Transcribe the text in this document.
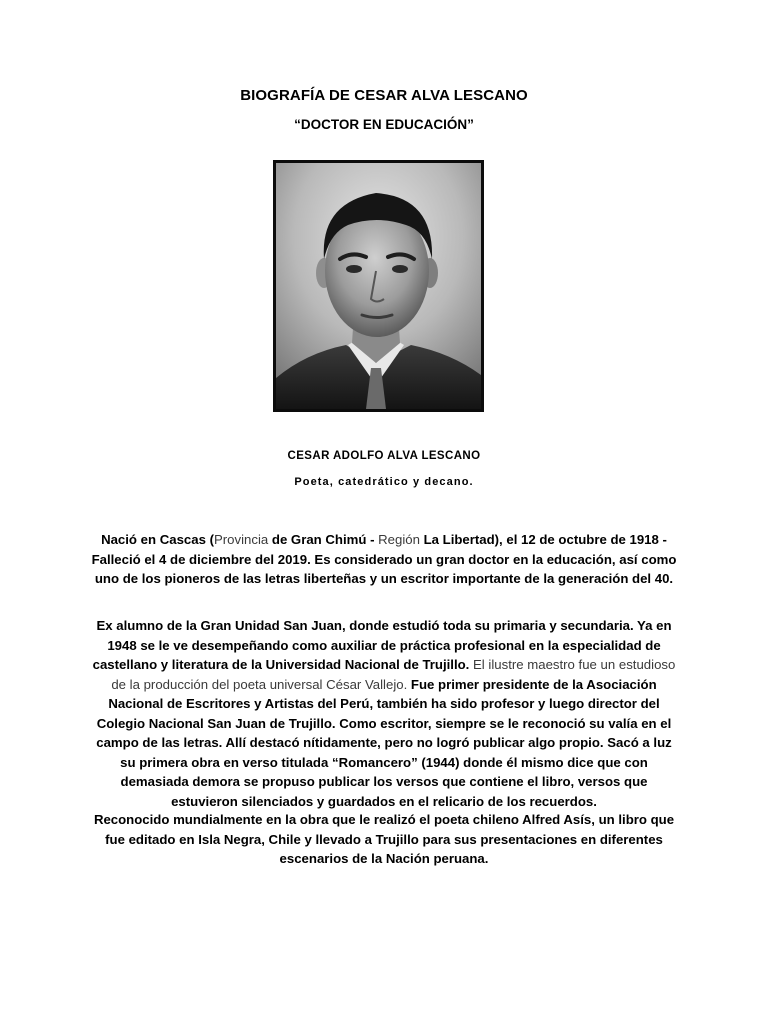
BIOGRAFÍA DE CESAR ALVA LESCANO
“DOCTOR EN EDUCACIÓN”
CESAR ADOLFO ALVA LESCANO
Poeta, catedrático y decano.
Nació en Cascas (Provincia de Gran Chimú - Región La Libertad), el 12 de octubre de 1918 - Falleció el 4 de diciembre del 2019. Es considerado un gran doctor en la educación, así como uno de los pioneros de las letras liberteñas y un escritor importante de la generación del 40.
Ex alumno de la Gran Unidad San Juan, donde estudió toda su primaria y secundaria. Ya en 1948 se le ve desempeñando como auxiliar de práctica profesional en la especialidad de castellano y literatura de la Universidad Nacional de Trujillo. El ilustre maestro fue un estudioso de la producción del poeta universal César Vallejo. Fue primer presidente de la Asociación Nacional de Escritores y Artistas del Perú, también ha sido profesor y luego director del Colegio Nacional San Juan de Trujillo. Como escritor, siempre se le reconoció su valía en el campo de las letras. Allí destacó nítidamente, pero no logró publicar algo propio. Sacó a luz su primera obra en verso titulada “Romancero” (1944) donde él mismo dice que con demasiada demora se propuso publicar los versos que contiene el libro, versos que estuvieron silenciados y guardados en el relicario de los recuerdos.
Reconocido mundialmente en la obra que le realizó el poeta chileno Alfred Asís, un libro que fue editado en Isla Negra, Chile y llevado a Trujillo para sus presentaciones en diferentes escenarios de la Nación peruana.
